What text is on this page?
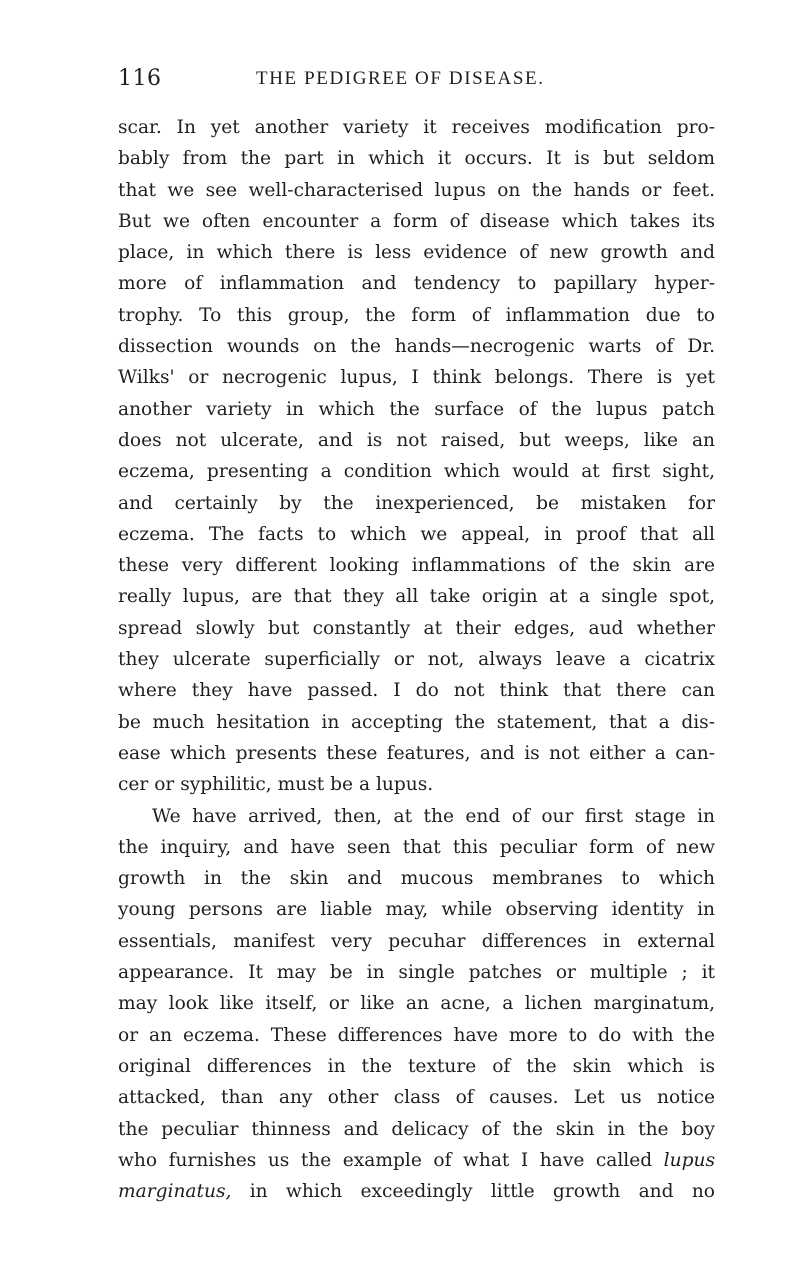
116	THE PEDIGREE OF DISEASE.
scar. In yet another variety it receives modification pro-
bably from the part in which it occurs. It is but seldom
that we see well-characterised lupus on the hands or feet.
But we often encounter a form of disease which takes its
place, in which there is less evidence of new growth and
more of inflammation and tendency to papillary hyper-
trophy. To this group, the form of inflammation due to
dissection wounds on the hands—necrogenic warts of Dr.
Wilks' or necrogenic lupus, I think belongs. There is yet
another variety in which the surface of the lupus patch
does not ulcerate, and is not raised, but weeps, like an
eczema, presenting a condition which would at first sight,
and certainly by the inexperienced, be mistaken for
eczema. The facts to which we appeal, in proof that all
these very different looking inflammations of the skin are
really lupus, are that they all take origin at a single spot,
spread slowly but constantly at their edges, aud whether
they ulcerate superficially or not, always leave a cicatrix
where they have passed. I do not think that there can
be much hesitation in accepting the statement, that a dis-
ease which presents these features, and is not either a can-
cer or syphilitic, must be a lupus.
We have arrived, then, at the end of our first stage in
the inquiry, and have seen that this peculiar form of new
growth in the skin and mucous membranes to which
young persons are liable may, while observing identity in
essentials, manifest very pecuhar differences in external
appearance. It may be in single patches or multiple ; it
may look like itself, or like an acne, a lichen marginatum,
or an eczema. These differences have more to do with the
original differences in the texture of the skin which is
attacked, than any other class of causes. Let us notice
the peculiar thinness and delicacy of the skin in the boy
who furnishes us the example of what I have called lupus
marginatus, in which exceedingly little growth and no
